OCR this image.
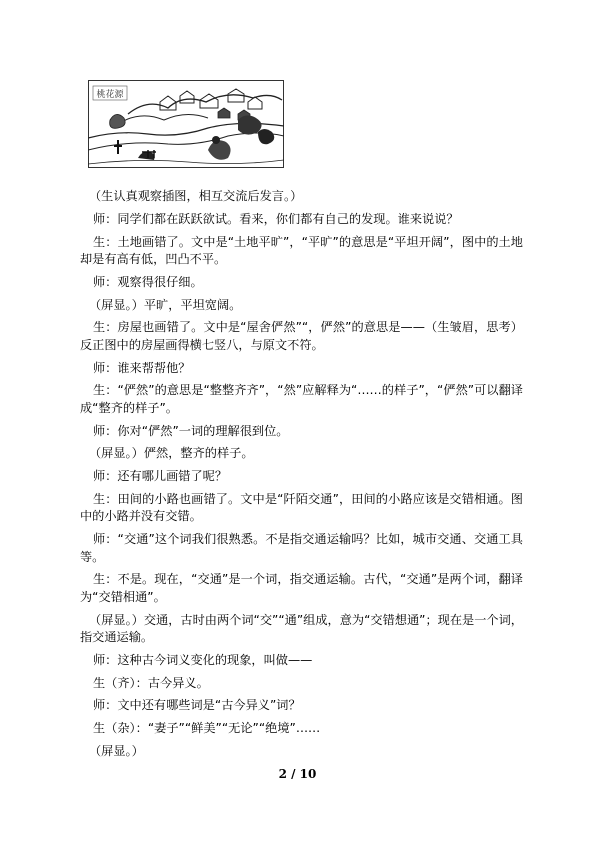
桃花源

（生认真观察插图，相互交流后发言。）

师：同学们都在跃跃欲试。看来，你们都有自己的发现。谁来说说？

生：土地画错了。文中是“土地平旷”，“平旷”的意思是“平坦开阔”，图中的土地却是有高有低，凹凸不平。

师：观察得很仔细。

（屏显。）平旷，平坦宽阔。

生：房屋也画错了。文中是“屋舍俨然”“，俨然”的意思是——（生皱眉，思考）反正图中的房屋画得横七竖八，与原文不符。

师：谁来帮帮他？

生：“俨然”的意思是“整整齐齐”，“然”应解释为“……的样子”，“俨然”可以翻译成“整齐的样子”。

师：你对“俨然”一词的理解很到位。

（屏显。）俨然，整齐的样子。

师：还有哪儿画错了呢？

生：田间的小路也画错了。文中是“阡陌交通”，田间的小路应该是交错相通。图中的小路并没有交错。

师：“交通”这个词我们很熟悉。不是指交通运输吗？比如，城市交通、交通工具等。

生：不是。现在，“交通”是一个词，指交通运输。古代，“交通”是两个词，翻译为“交错相通”。

（屏显。）交通，古时由两个词“交”“通”组成，意为“交错想通”；现在是一个词，指交通运输。

师：这种古今词义变化的现象，叫做——

生（齐）：古今异义。

师：文中还有哪些词是“古今异义”词？

生（杂）：“妻子”“鲜美”“无论”“绝境”……

（屏显。）

2 / 10
